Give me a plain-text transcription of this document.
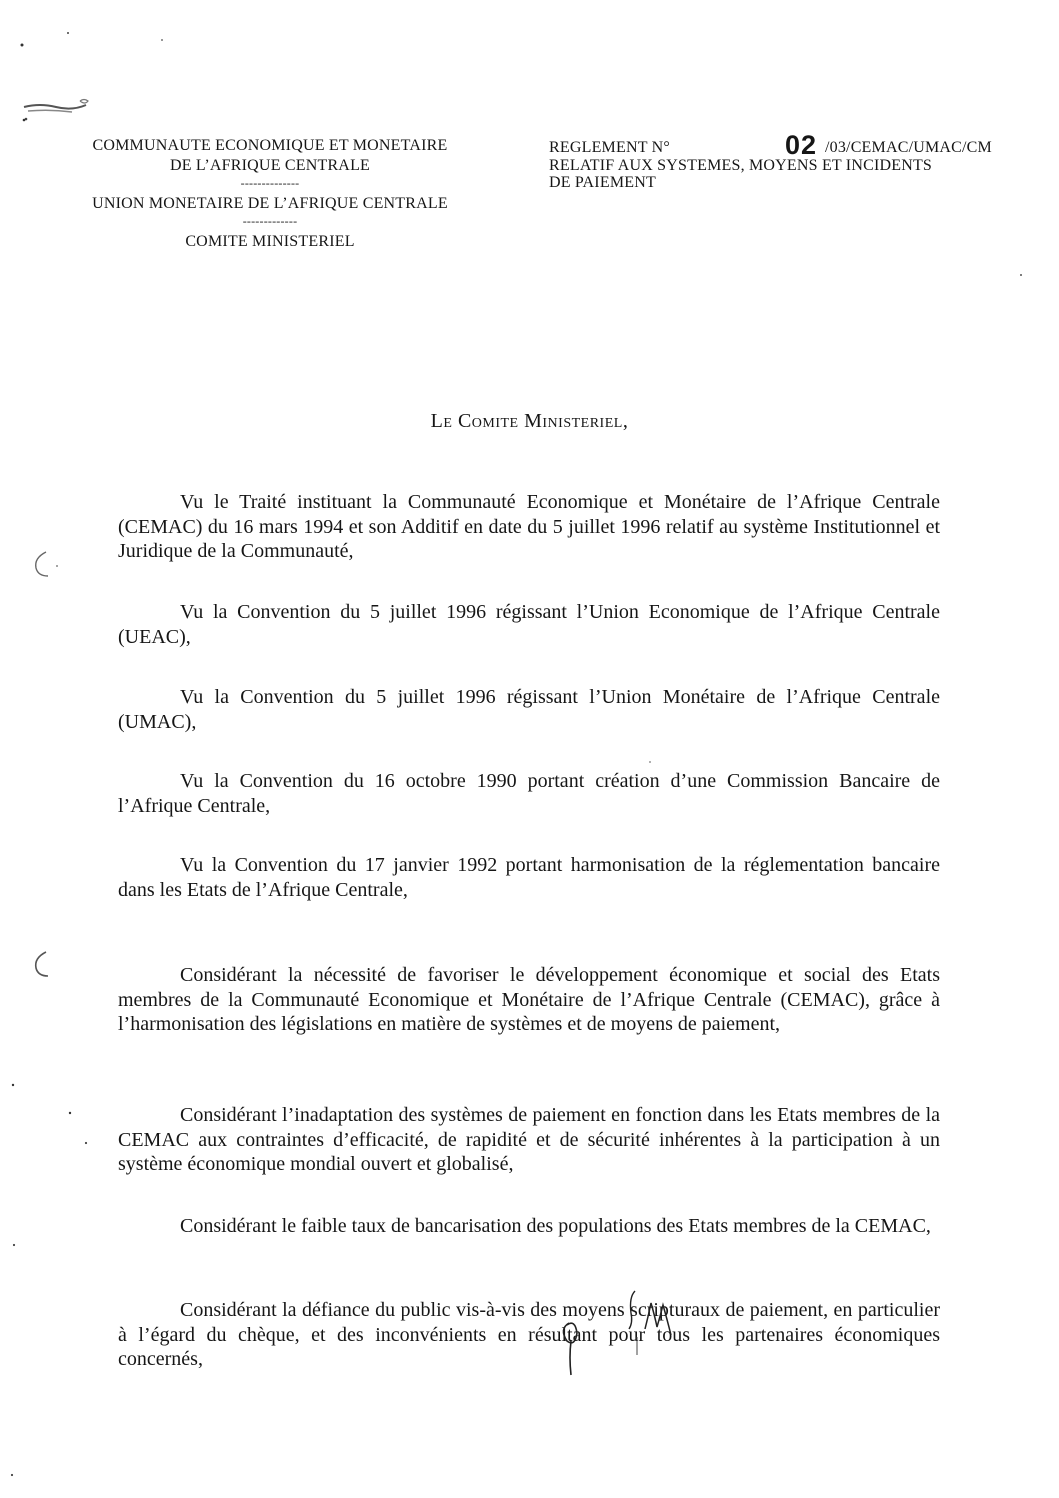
COMMUNAUTE ECONOMIQUE ET MONETAIRE
DE L’AFRIQUE CENTRALE
--------------
UNION MONETAIRE DE L’AFRIQUE CENTRALE
-------------
COMITE MINISTERIEL
REGLEMENT N°	02 /03/CEMAC/UMAC/CM
RELATIF AUX SYSTEMES, MOYENS ET INCIDENTS
DE PAIEMENT
Le Comite Ministeriel,

Vu le Traité instituant la Communauté Economique et Monétaire de l’Afrique Centrale (CEMAC) du 16 mars 1994 et son Additif en date du 5 juillet 1996 relatif au système Institutionnel et Juridique de la Communauté,

Vu la Convention du 5 juillet 1996 régissant l’Union Economique de l’Afrique Centrale (UEAC),

Vu la Convention du 5 juillet 1996 régissant l’Union Monétaire de l’Afrique Centrale (UMAC),

Vu la Convention du 16 octobre 1990 portant création d’une Commission Bancaire de l’Afrique Centrale,

Vu la Convention du 17 janvier 1992 portant harmonisation de la réglementation bancaire dans les Etats de l’Afrique Centrale,

Considérant la nécessité de favoriser le développement économique et social des Etats membres de la Communauté Economique et Monétaire de l’Afrique Centrale (CEMAC), grâce à l’harmonisation des législations en matière de systèmes et de moyens de paiement,

Considérant l’inadaptation des systèmes de paiement en fonction dans les Etats membres de la CEMAC aux contraintes d’efficacité, de rapidité et de sécurité inhérentes à la participation à un système économique mondial ouvert et globalisé,

Considérant le faible taux de bancarisation des populations des Etats membres de la CEMAC,

Considérant la défiance du public vis-à-vis des moyens scripturaux de paiement, en particulier à l’égard du chèque, et des inconvénients en résultant pour tous les partenaires économiques concernés,
